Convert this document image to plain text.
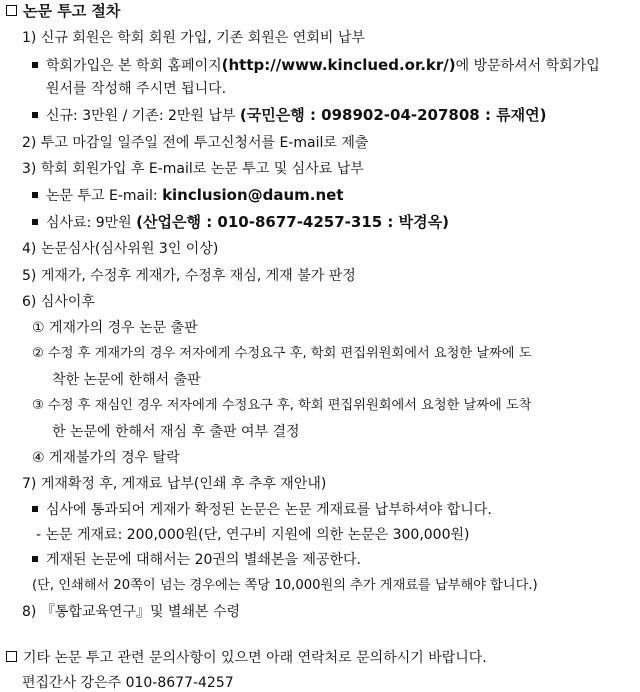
논문 투고 절차
1) 신규 회원은 학회 회원 가입, 기존 회원은 연회비 납부
학회가입은 본 학회 홈페이지(http://www.kinclued.or.kr/)에 방문하셔서 학회가입
원서를 작성해 주시면 됩니다.
신규: 3만원 / 기존: 2만원 납부 (국민은행 : 098902-04-207808 : 류재연)
2) 투고 마감일 일주일 전에 투고신청서를 E-mail로 제출
3) 학회 회원가입 후 E-mail로 논문 투고 및 심사료 납부
논문 투고 E-mail: kinclusion@daum.net
심사료: 9만원 (산업은행 : 010-8677-4257-315 : 박경옥)
4) 논문심사(심사위원 3인 이상)
5) 게재가, 수정후 게재가, 수정후 재심, 게재 불가 판정
6) 심사이후
① 게재가의 경우 논문 출판
② 수정 후 게재가의 경우 저자에게 수정요구 후, 학회 편집위원회에서 요청한 날짜에 도
착한 논문에 한해서 출판
③ 수정 후 재심인 경우 저자에게 수정요구 후, 학회 편집위원회에서 요청한 날짜에 도착
한 논문에 한해서 재심 후 출판 여부 결정
④ 게재불가의 경우 탈락
7) 게재확정 후, 게재료 납부(인쇄 후 추후 재안내)
심사에 통과되어 게재가 확정된 논문은 논문 게재료를 납부하셔야 합니다.
- 논문 게재료: 200,000원(단, 연구비 지원에 의한 논문은 300,000원)
게재된 논문에 대해서는 20권의 별쇄본을 제공한다.
(단, 인쇄해서 20쪽이 넘는 경우에는 쪽당 10,000원의 추가 게재료를 납부해야 합니다.)
8) 『통합교육연구』및 별쇄본 수령
기타 논문 투고 관련 문의사항이 있으면 아래 연락처로 문의하시기 바랍니다.
편집간사 강은주 010-8677-4257
